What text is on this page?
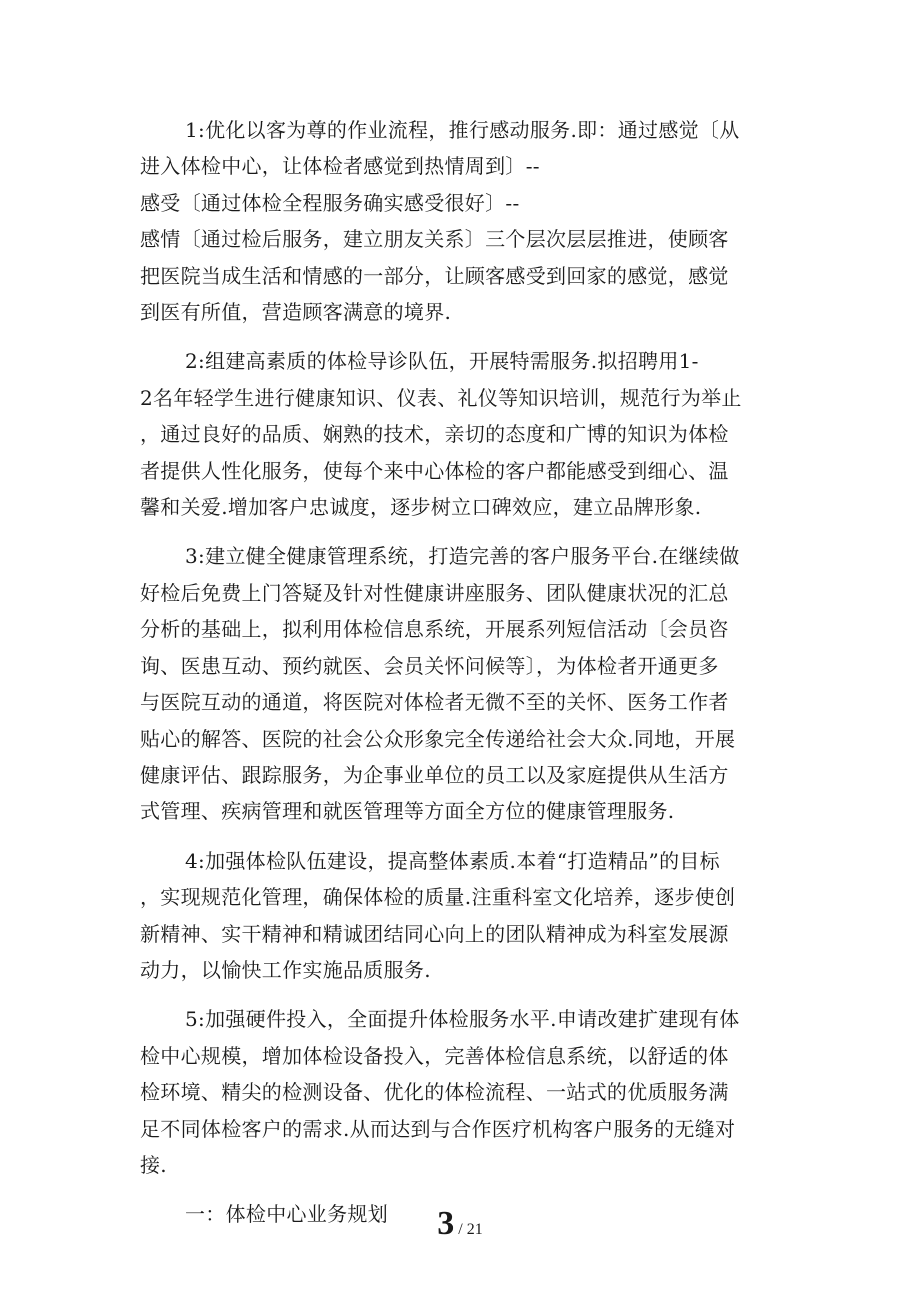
1:优化以客为尊的作业流程，推行感动服务.即：通过感觉〔从
进入体检中心，让体检者感觉到热情周到〕--
感受〔通过体检全程服务确实感受很好〕--
感情〔通过检后服务，建立朋友关系〕三个层次层层推进，使顾客
把医院当成生活和情感的一部分，让顾客感受到回家的感觉，感觉
到医有所值，营造顾客满意的境界.
2:组建高素质的体检导诊队伍，开展特需服务.拟招聘用1-
2名年轻学生进行健康知识、仪表、礼仪等知识培训，规范行为举止
，通过良好的品质、娴熟的技术，亲切的态度和广博的知识为体检
者提供人性化服务，使每个来中心体检的客户都能感受到细心、温
馨和关爱.增加客户忠诚度，逐步树立口碑效应，建立品牌形象.
3:建立健全健康管理系统，打造完善的客户服务平台.在继续做
好检后免费上门答疑及针对性健康讲座服务、团队健康状况的汇总
分析的基础上，拟利用体检信息系统，开展系列短信活动〔会员咨
询、医患互动、预约就医、会员关怀问候等〕，为体检者开通更多
与医院互动的通道，将医院对体检者无微不至的关怀、医务工作者
贴心的解答、医院的社会公众形象完全传递给社会大众.同地，开展
健康评估、跟踪服务，为企事业单位的员工以及家庭提供从生活方
式管理、疾病管理和就医管理等方面全方位的健康管理服务.
4:加强体检队伍建设，提高整体素质.本着“打造精品”的目标
，实现规范化管理，确保体检的质量.注重科室文化培养，逐步使创
新精神、实干精神和精诚团结同心向上的团队精神成为科室发展源
动力，以愉快工作实施品质服务.
5:加强硬件投入，全面提升体检服务水平.申请改建扩建现有体
检中心规模，增加体检设备投入，完善体检信息系统，以舒适的体
检环境、精尖的检测设备、优化的体检流程、一站式的优质服务满
足不同体检客户的需求.从而达到与合作医疗机构客户服务的无缝对
接.
一：体检中心业务规划	3 / 21
